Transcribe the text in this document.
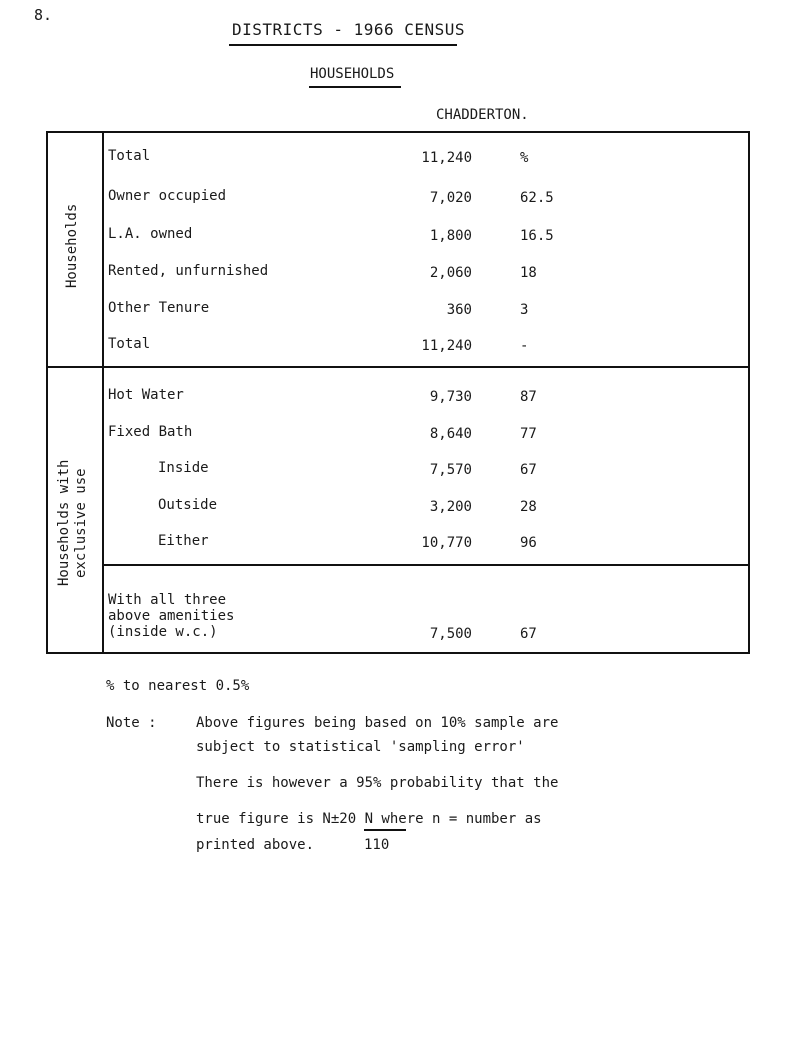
8.
DISTRICTS - 1966 CENSUS
HOUSEHOLDS
CHADDERTON.
Households
Households with
exclusive use
Total	11,240	%
Owner occupied	7,020	62.5
L.A. owned	1,800	16.5
Rented, unfurnished	2,060	18
Other Tenure	360	3
Total	11,240	-
Hot Water	9,730	87
Fixed Bath	8,640	77
Inside	7,570	67
Outside	3,200	28
Either	10,770	96
With all three
above amenities
(inside w.c.)	7,500	67
% to nearest 0.5%
Note :	Above figures being based on 10% sample are
subject to statistical 'sampling error'
There is however a 95% probability that the
true figure is N±20 N where n = number as
printed above.	110
